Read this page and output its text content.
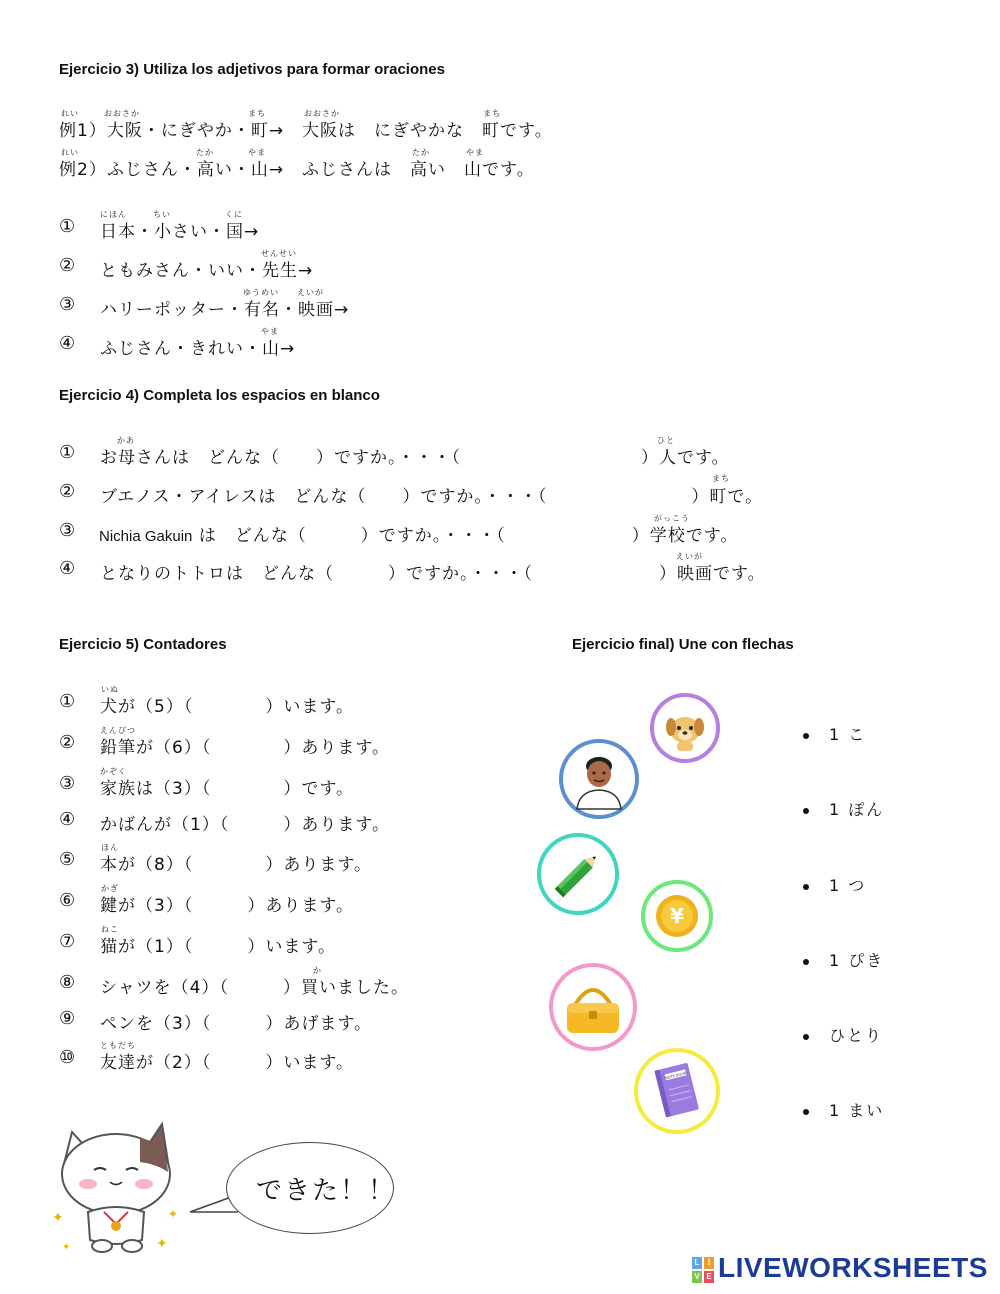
Ejercicio 3) Utiliza los adjetivos para formar oraciones
れい	おおさか	まち	おおさか	まち
例1）大阪・にぎやか・町→　大阪は　にぎやかな　町です。
れい	たか	やま	たか	やま
例2）ふじさん・高い・山→　ふじさんは　高い　山です。
にほん	ちい	くに
① 日本・小さい・国→
せんせい
② ともみさん・いい・先生→
ゆうめい えいが
③ ハリーポッター・有名・映画→
やま
④ ふじさん・きれい・山→
Ejercicio 4) Completa los espacios en blanco
かあ	ひと
① お母さんは　どんな（　　）ですか。・・・（　　　　　　　　　　）人です。
まち
② ブエノス・アイレスは　どんな（　　）ですか。・・・（　　　　　　　　）町で。
がっこう
③ Nichia Gakuin は　どんな（　　　）ですか。・・・（　　　　　　　）学校です。
えいが
④ となりのトトロは　どんな（　　　）ですか。・・・（　　　　　　　）映画です。
Ejercicio 5) Contadores
いぬ
① 犬が（5）（　　　　）います。
えんぴつ
② 鉛筆が（6）（　　　　）あります。
かぞく
③ 家族は（3）（　　　　）です。
④ かばんが（1）（　　　）あります。
ほん
⑤ 本が（8）（　　　　）あります。
かぎ
⑥ 鍵が（3）（　　　）あります。
ねこ
⑦ 猫が（1）（　　　）います。
か
⑧ シャツを（4）（　　　）買いました。
⑨ ペンを（3）（　　　）あげます。
ともだち
⑩ 友達が（2）（　　　）います。
Ejercicio final) Une con flechas
¥
NOTE BOOK
1 こ
1 ぽん
1 つ
1 ぴき
ひとり
1 まい
✦
✦
✦
✦
できた！！
L	I
V E LIVEWORKSHEETS
